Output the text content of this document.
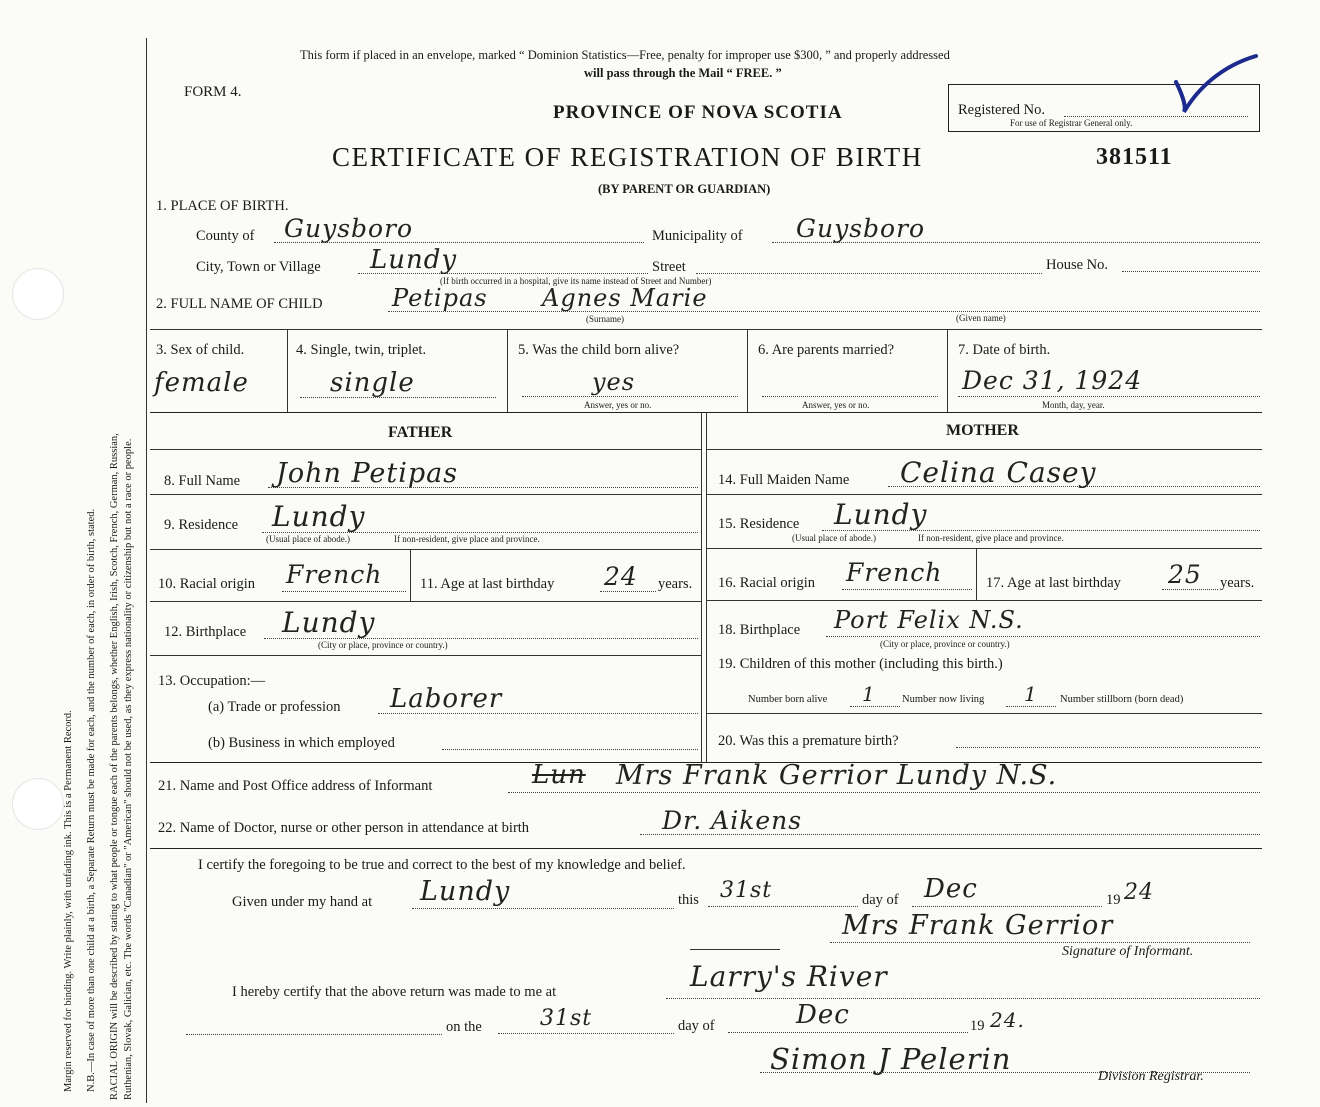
Margin reserved for binding. Write plainly, with unfading ink. This is a Permanent Record. N.B.—In case of more than one child at a birth, a Separate Return must be made for each, and the number of each, in order of birth, stated. RACIAL ORIGIN will be described by stating to what people or tongue each of the parents belongs, whether English, Irish, Scotch, French, German, Russian, Ruthenian, Slovak, Galician, etc. The words "Canadian" or "American" should not be used, as they express nationality or citizenship but not a race or people.
This form if placed in an envelope, marked “ Dominion Statistics—Free, penalty for improper use $300, ” and properly addressed
will pass through the Mail “ FREE. ”
FORM 4.
PROVINCE OF NOVA SCOTIA	Registered No.
For use of Registrar General only.
CERTIFICATE OF REGISTRATION OF BIRTH	381511
(BY PARENT OR GUARDIAN)
1. PLACE OF BIRTH.
County of Guysboro	Municipality of Guysboro
City, Town or Village Lundy	Street	House No.
(If birth occurred in a hospital, give its name instead of Street and Number)
2. FULL NAME OF CHILD	Petipas Agnes Marie
(Surname)	(Given name)
3. Sex of child.
female
4. Single, twin, triplet.
single
5. Was the child born alive?
yes
Answer, yes or no.
6. Are parents married?
Answer, yes or no.
7. Date of birth.
Dec 31, 1924
Month, day, year.
FATHER	MOTHER
8. Full Name John Petipas
9. Residence Lundy
(Usual place of abode.)	If non-resident, give place and province.
10. Racial origin French	11. Age at last birthday 24 years.
12. Birthplace Lundy
(City or place, province or country.)
13. Occupation:—
(a) Trade or profession Laborer
(b) Business in which employed
14. Full Maiden Name Celina Casey
15. Residence Lundy
(Usual place of abode.)	If non-resident, give place and province.
16. Racial origin French	17. Age at last birthday 25 years.
18. Birthplace Port Felix N.S.
(City or place, province or country.)
19. Children of this mother (including this birth.)
Number born alive 1	Number now living 1 Number stillborn (born dead)
20. Was this a premature birth?
21. Name and Post Office address of Informant	Lun Mrs Frank Gerrior Lundy N.S.
22. Name of Doctor, nurse or other person in attendance at birth	Dr. Aikens
I certify the foregoing to be true and correct to the best of my knowledge and belief.
Given under my hand at Lundy	this 31st	day of Dec	19 24
Mrs Frank Gerrior
Signature of Informant.
I hereby certify that the above return was made to me at	Larry's River
on the	31st	day of	Dec	19 24.
Simon J Pelerin
Division Registrar.
